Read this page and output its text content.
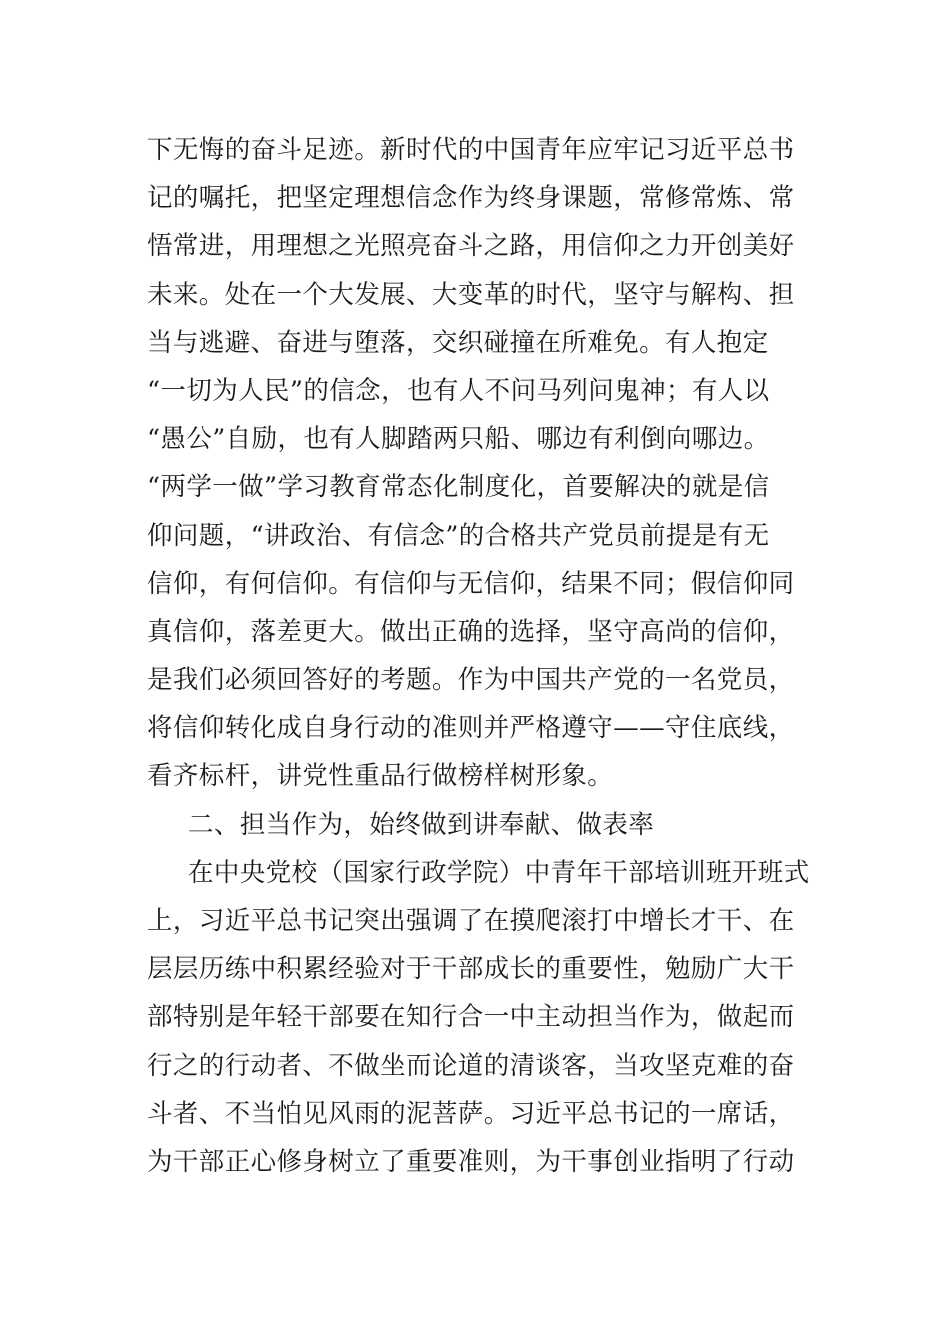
下无悔的奋斗足迹。新时代的中国青年应牢记习近平总书
记的嘱托，把坚定理想信念作为终身课题，常修常炼、常
悟常进，用理想之光照亮奋斗之路，用信仰之力开创美好
未来。处在一个大发展、大变革的时代，坚守与解构、担
当与逃避、奋进与堕落，交织碰撞在所难免。有人抱定
“一切为人民”的信念，也有人不问马列问鬼神；有人以
“愚公”自励，也有人脚踏两只船、哪边有利倒向哪边。
“两学一做”学习教育常态化制度化，首要解决的就是信
仰问题，“讲政治、有信念”的合格共产党员前提是有无
信仰，有何信仰。有信仰与无信仰，结果不同；假信仰同
真信仰，落差更大。做出正确的选择，坚守高尚的信仰，
是我们必须回答好的考题。作为中国共产党的一名党员，
将信仰转化成自身行动的准则并严格遵守——守住底线，
看齐标杆，讲党性重品行做榜样树形象。
二、担当作为，始终做到讲奉献、做表率
在中央党校（国家行政学院）中青年干部培训班开班式
上，习近平总书记突出强调了在摸爬滚打中增长才干、在
层层历练中积累经验对于干部成长的重要性，勉励广大干
部特别是年轻干部要在知行合一中主动担当作为，做起而
行之的行动者、不做坐而论道的清谈客，当攻坚克难的奋
斗者、不当怕见风雨的泥菩萨。习近平总书记的一席话，
为干部正心修身树立了重要准则，为干事创业指明了行动
